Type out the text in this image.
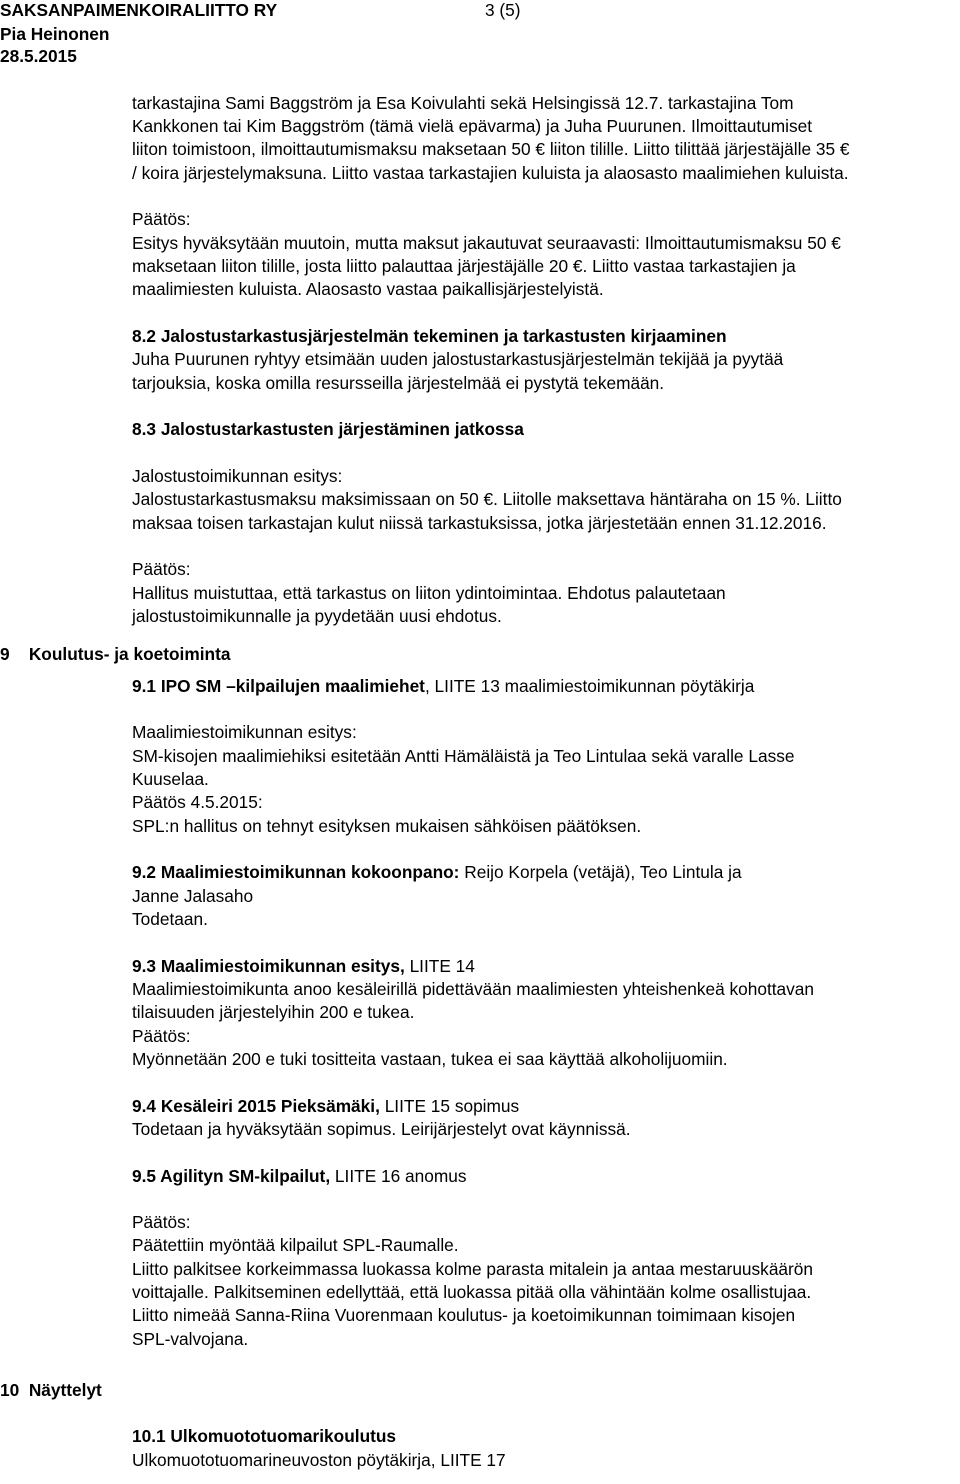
SAKSANPAIMENKOIRALIITTO RY	3 (5)
Pia Heinonen
28.5.2015
tarkastajina Sami Baggström ja Esa Koivulahti sekä Helsingissä 12.7. tarkastajina Tom
Kankkonen tai Kim Baggström (tämä vielä epävarma) ja Juha Puurunen. Ilmoittautumiset
liiton toimistoon, ilmoittautumismaksu maksetaan 50 € liiton tilille. Liitto tilittää järjestäjälle 35 €
/ koira järjestelymaksuna. Liitto vastaa tarkastajien kuluista ja alaosasto maalimiehen kuluista.
Päätös:
Esitys hyväksytään muutoin, mutta maksut jakautuvat seuraavasti: Ilmoittautumismaksu 50 €
maksetaan liiton tilille, josta liitto palauttaa järjestäjälle 20 €. Liitto vastaa tarkastajien ja
maalimiesten kuluista. Alaosasto vastaa paikallisjärjestelyistä.
8.2 Jalostustarkastusjärjestelmän tekeminen ja tarkastusten kirjaaminen
Juha Puurunen ryhtyy etsimään uuden jalostustarkastusjärjestelmän tekijää ja pyytää
tarjouksia, koska omilla resursseilla järjestelmää ei pystytä tekemään.
8.3 Jalostustarkastusten järjestäminen jatkossa
Jalostustoimikunnan esitys:
Jalostustarkastusmaksu maksimissaan on 50 €. Liitolle maksettava häntäraha on 15 %. Liitto
maksaa toisen tarkastajan kulut niissä tarkastuksissa, jotka järjestetään ennen 31.12.2016.
Päätös:
Hallitus muistuttaa, että tarkastus on liiton ydintoimintaa. Ehdotus palautetaan
jalostustoimikunnalle ja pyydetään uusi ehdotus.
9    Koulutus- ja koetoiminta
9.1 IPO SM –kilpailujen maalimiehet, LIITE 13 maalimiestoimikunnan pöytäkirja
Maalimiestoimikunnan esitys:
SM-kisojen maalimiehiksi esitetään Antti Hämäläistä ja Teo Lintulaa sekä varalle Lasse
Kuuselaa.
Päätös 4.5.2015:
SPL:n hallitus on tehnyt esityksen mukaisen sähköisen päätöksen.
9.2 Maalimiestoimikunnan kokoonpano: Reijo Korpela (vetäjä), Teo Lintula ja
Janne Jalasaho
Todetaan.
9.3 Maalimiestoimikunnan esitys, LIITE 14
Maalimiestoimikunta anoo kesäleirillä pidettävään maalimiesten yhteishenkeä kohottavan
tilaisuuden järjestelyihin 200 e tukea.
Päätös:
Myönnetään 200 e tuki tositteita vastaan, tukea ei saa käyttää alkoholijuomiin.
9.4 Kesäleiri 2015 Pieksämäki, LIITE 15 sopimus
Todetaan ja hyväksytään sopimus. Leirijärjestelyt ovat käynnissä.
9.5 Agilityn SM-kilpailut, LIITE 16 anomus
Päätös:
Päätettiin myöntää kilpailut SPL-Raumalle.
Liitto palkitsee korkeimmassa luokassa kolme parasta mitalein ja antaa mestaruuskäärön
voittajalle. Palkitseminen edellyttää, että luokassa pitää olla vähintään kolme osallistujaa.
Liitto nimeää Sanna-Riina Vuorenmaan koulutus- ja koetoimikunnan toimimaan kisojen
SPL-valvojana.
10  Näyttelyt
10.1 Ulkomuototuomarikoulutus
Ulkomuototuomarineuvoston pöytäkirja, LIITE 17
